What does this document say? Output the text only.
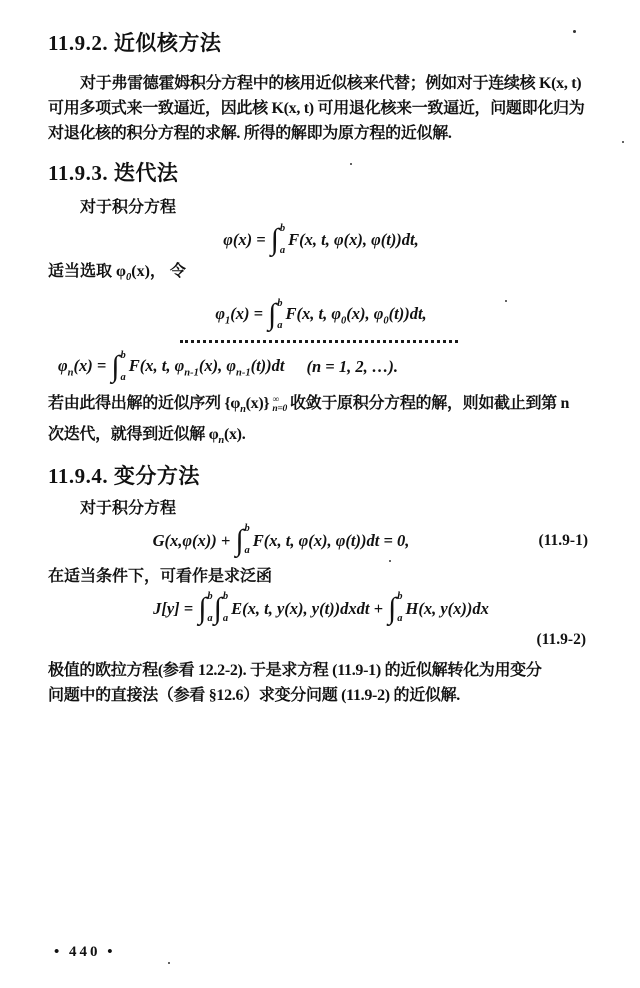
11.9.2. 近似核方法
对于弗雷德霍姆积分方程中的核用近似核来代替；例如对于连续核 K(x, t)
可用多项式来一致逼近，因此核 K(x, t) 可用退化核来一致逼近，问题即化归为
对退化核的积分方程的求解. 所得的解即为原方程的近似解.
11.9.3. 迭代法
对于积分方程
φ(x) = ∫ b
a
F(x, t, φ(x), φ(t))dt,
适当选取 $\varphi_0(x)$， 令
$\varphi_1(x)$ = ∫ b
a
F(x, t, $\varphi_0(x)$, $\varphi_0(t))dt$,
$\varphi_n(x)$ = ∫ b
a
F(x, t, $\varphi_{n-1}(x)$, $\varphi_{n-1}(t))dt$ (n = 1, 2, …).
若由此得出解的近似序列 $\{\varphi_n(x)\}$ ∞
n=0 收敛于原积分方程的解，则如截止到第 n
次迭代，就得到近似解 $\varphi_n(x)$.
11.9.4. 变分方法
对于积分方程
G(x,φ(x)) + ∫ b
a
F(x, t, φ(x), φ(t))dt = 0,	(11.9-1)
在适当条件下，可看作是求泛函
J[y] = ∫ b
a ∫ b
a
E(x, t, y(x), y(t))dxdt + ∫ b
a
H(x, y(x))dx
(11.9-2)
极值的欧拉方程(参看 12.2-2). 于是求方程 (11.9-1) 的近似解转化为用变分
问题中的直接法（参看 §12.6）求变分问题 (11.9-2) 的近似解.
• 440 •
